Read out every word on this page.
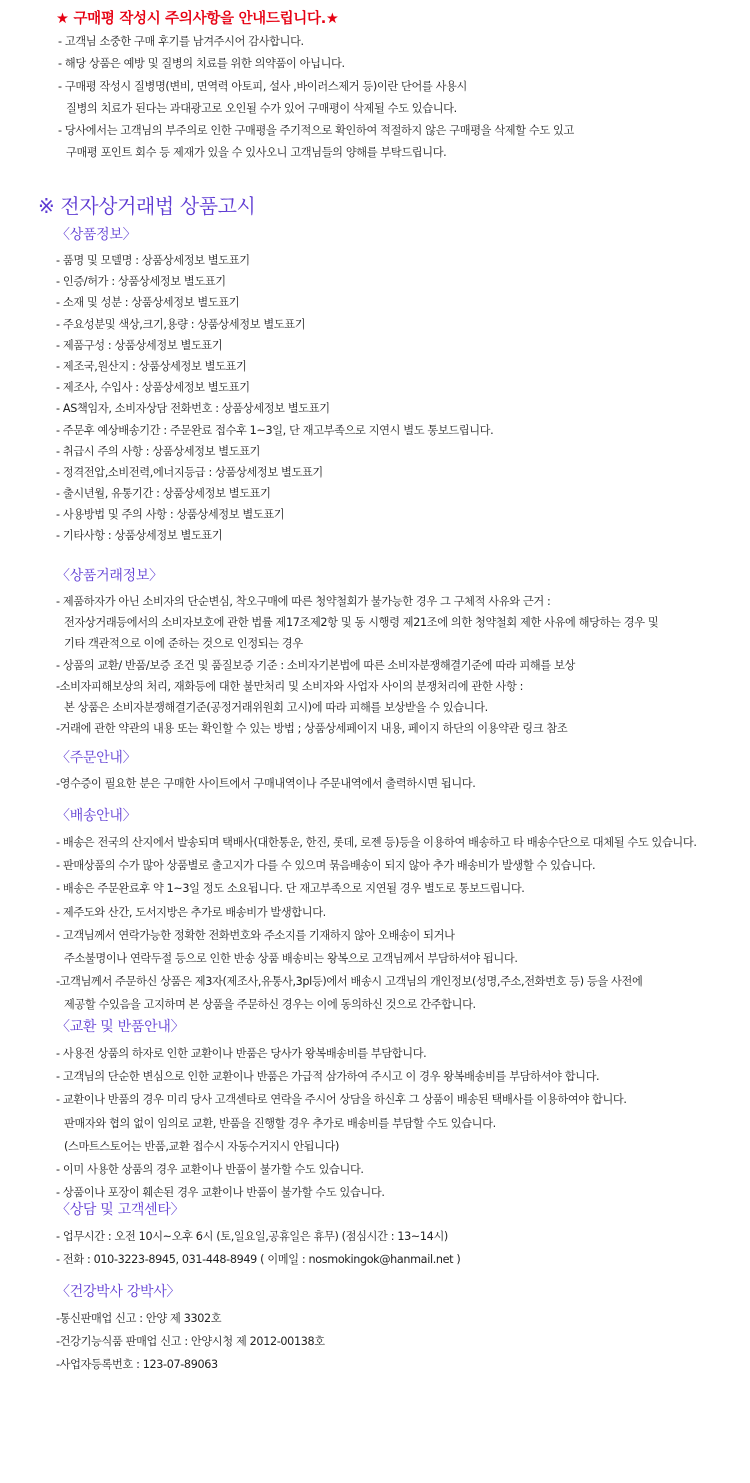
★ 구매평 작성시 주의사항을 안내드립니다.★
- 고객님 소중한 구매 후기를 남겨주시어 감사합니다.
- 해당 상품은 예방 및 질병의 치료를 위한 의약품이 아닙니다.
- 구매평 작성시 질병명(변비, 면역력 아토피, 설사 ,바이러스제거 등)이란 단어를 사용시
질병의 치료가 된다는 과대광고로 오인될 수가 있어 구매평이 삭제될 수도 있습니다.
- 당사에서는 고객님의 부주의로 인한 구매평을 주기적으로 확인하여 적절하지 않은 구매평을 삭제할 수도 있고
구매평 포인트 회수 등 제재가 있을 수 있사오니 고객님들의 양해를 부탁드립니다.
※ 전자상거래법 상품고시
〈상품정보〉
- 품명 및 모델명 : 상품상세정보 별도표기
- 인증/허가 : 상품상세정보 별도표기
- 소재 및 성분 : 상품상세정보 별도표기
- 주요성분및 색상,크기,용량 : 상품상세정보 별도표기
- 제품구성 : 상품상세정보 별도표기
- 제조국,원산지 : 상품상세정보 별도표기
- 제조사, 수입사 : 상품상세정보 별도표기
- AS책임자, 소비자상담 전화번호 : 상품상세정보 별도표기
- 주문후 예상배송기간 : 주문완료 접수후 1~3일, 단 재고부족으로 지연시 별도 통보드립니다.
- 취급시 주의 사항 : 상품상세정보 별도표기
- 정격전압,소비전력,에너지등급 : 상품상세정보 별도표기
- 출시년월, 유통기간 : 상품상세정보 별도표기
- 사용방법 및 주의 사항 : 상품상세정보 별도표기
- 기타사항 : 상품상세정보 별도표기
〈상품거래정보〉
- 제품하자가 아닌 소비자의 단순변심, 착오구매에 따른 청약철회가 불가능한 경우 그 구체적 사유와 근거 :
전자상거래등에서의 소비자보호에 관한 법률 제17조제2항 및 동 시행령 제21조에 의한 청약철회 제한 사유에 해당하는 경우 및
기타 객관적으로 이에 준하는 것으로 인정되는 경우
- 상품의 교환/ 반품/보증 조건 및 품질보증 기준 : 소비자기본법에 따른 소비자분쟁해결기준에 따라 피해를 보상
-소비자피해보상의 처리, 재화등에 대한 불만처리 및 소비자와 사업자 사이의 분쟁처리에 관한 사항 :
본 상품은 소비자분쟁해결기준(공정거래위원회 고시)에 따라 피해를 보상받을 수 있습니다.
-거래에 관한 약관의 내용 또는 확인할 수 있는 방법 ; 상품상세페이지 내용, 페이지 하단의 이용약관 링크 참조
〈주문안내〉
-영수증이 필요한 분은 구매한 사이트에서 구매내역이나 주문내역에서 출력하시면 됩니다.
〈배송안내〉
- 배송은 전국의 산지에서 발송되며 택배사(대한통운, 한진, 롯데, 로젠 등)등을 이용하여 배송하고 타 배송수단으로 대체될 수도 있습니다.
- 판매상품의 수가 많아 상품별로 출고지가 다를 수 있으며 묶음배송이 되지 않아 추가 배송비가 발생할 수 있습니다.
- 배송은 주문완료후 약 1~3일 정도 소요됩니다. 단 재고부족으로 지연될 경우 별도로 통보드립니다.
- 제주도와 산간, 도서지방은 추가로 배송비가 발생합니다.
- 고객님께서 연락가능한 정확한 전화번호와 주소지를 기재하지 않아 오배송이 되거나
주소불명이나 연락두절 등으로 인한 반송 상품 배송비는 왕복으로 고객님께서 부담하셔야 됩니다.
-고객님께서 주문하신 상품은 제3자(제조사,유통사,3pl등)에서 배송시 고객님의 개인정보(성명,주소,전화번호 등) 등을 사전에
제공할 수있음을 고지하며 본 상품을 주문하신 경우는 이에 동의하신 것으로 간주합니다.
〈교환 및 반품안내〉
- 사용전 상품의 하자로 인한 교환이나 반품은 당사가 왕복배송비를 부담합니다.
- 고객님의 단순한 변심으로 인한 교환이나 반품은 가급적 삼가하여 주시고 이 경우 왕복배송비를 부담하셔야 합니다.
- 교환이나 반품의 경우 미리 당사 고객센타로 연락을 주시어 상담을 하신후 그 상품이 배송된 택배사를 이용하여야 합니다.
판매자와 협의 없이 임의로 교환, 반품을 진행할 경우 추가로 배송비를 부담할 수도 있습니다.
(스마트스토어는 반품,교환 접수시 자동수거지시 안됩니다)
- 이미 사용한 상품의 경우 교환이나 반품이 불가할 수도 있습니다.
- 상품이나 포장이 훼손된 경우 교환이나 반품이 불가할 수도 있습니다.
〈상담 및 고객센타〉
- 업무시간 : 오전 10시~오후 6시 (토,일요일,공휴일은 휴무) (점심시간 : 13~14시)
- 전화 : 010-3223-8945, 031-448-8949 ( 이메일 : nosmokingok@hanmail.net )
〈건강박사 강박사〉
-통신판매업 신고 : 안양 제 3302호
-건강기능식품 판매업 신고 : 안양시청 제 2012-00138호
-사업자등록번호 : 123-07-89063
